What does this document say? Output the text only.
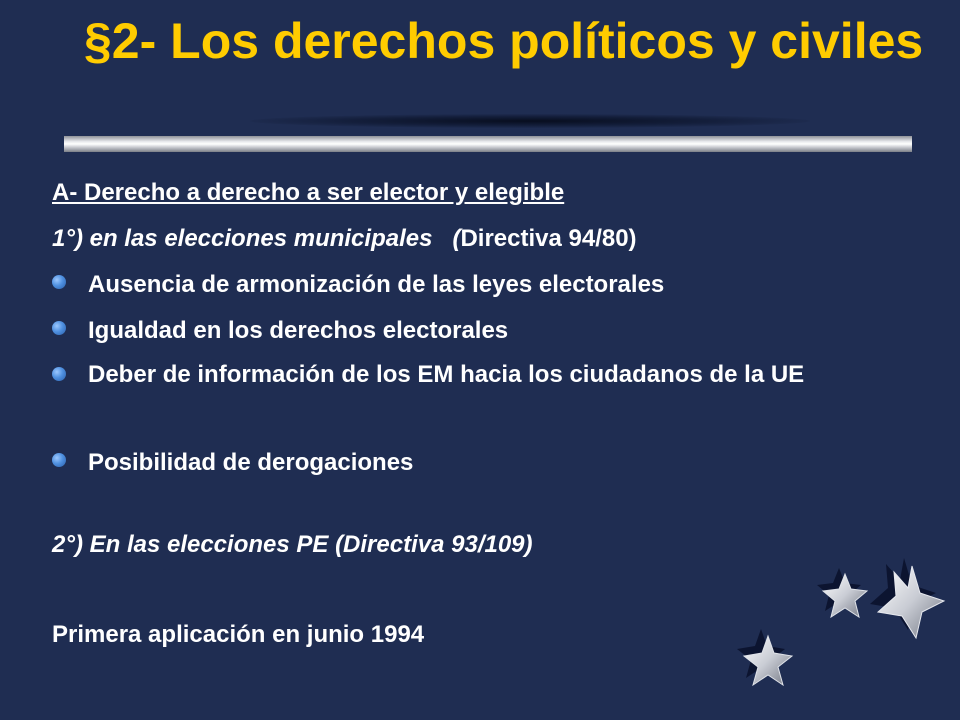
§2- Los derechos políticos y civiles
A- Derecho a derecho a ser elector y elegible
1°) en las elecciones municipales   (Directiva 94/80)
Ausencia de armonización de las leyes electorales
Igualdad en los derechos electorales
Deber de información de los EM hacia los ciudadanos de la UE
Posibilidad de derogaciones
2°) En las elecciones PE (Directiva 93/109)
Primera aplicación en junio 1994
